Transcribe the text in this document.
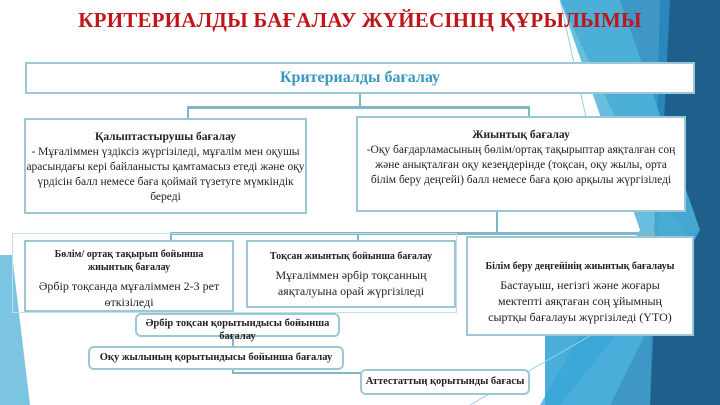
КРИТЕРИАЛДЫ БАҒАЛАУ ЖҮЙЕСІНІҢ ҚҰРЫЛЫМЫ
Критериалды бағалау
Қалыптастырушы бағалау
- Мұғаліммен үздіксіз жүргізіледі, мұғалім мен оқушы арасындағы кері байланысты қамтамасыз етеді және оқу үрдісін балл немесе баға қоймай түзетуге мүмкіндік береді
Жиынтық бағалау
-Оқу бағдарламасының бөлім/ортақ тақырыптар аяқталған соң және анықталған оқу кезеңдерінде (тоқсан, оқу жылы, орта білім беру деңгейі) балл немесе баға қою арқылы жүргізіледі
Бөлім/ ортақ тақырып бойынша жиынтық бағалау
Әрбір тоқсанда мұғаліммен 2-3 рет өткізіледі
Тоқсан жиынтық бойынша бағалау
Мұғаліммен әрбір тоқсанның аяқталуына орай жүргізіледі
Білім беру деңгейінің жиынтық бағалауы
Бастауыш, негізгі және жоғары мектепті аяқтаған соң ұйымның сыртқы бағалауы жүргізіледі (ҮТО)
Әрбір тоқсан қорытындысы бойынша бағалау
Оқу жылының қорытындысы бойынша бағалау
Аттестаттың қорытынды бағасы
